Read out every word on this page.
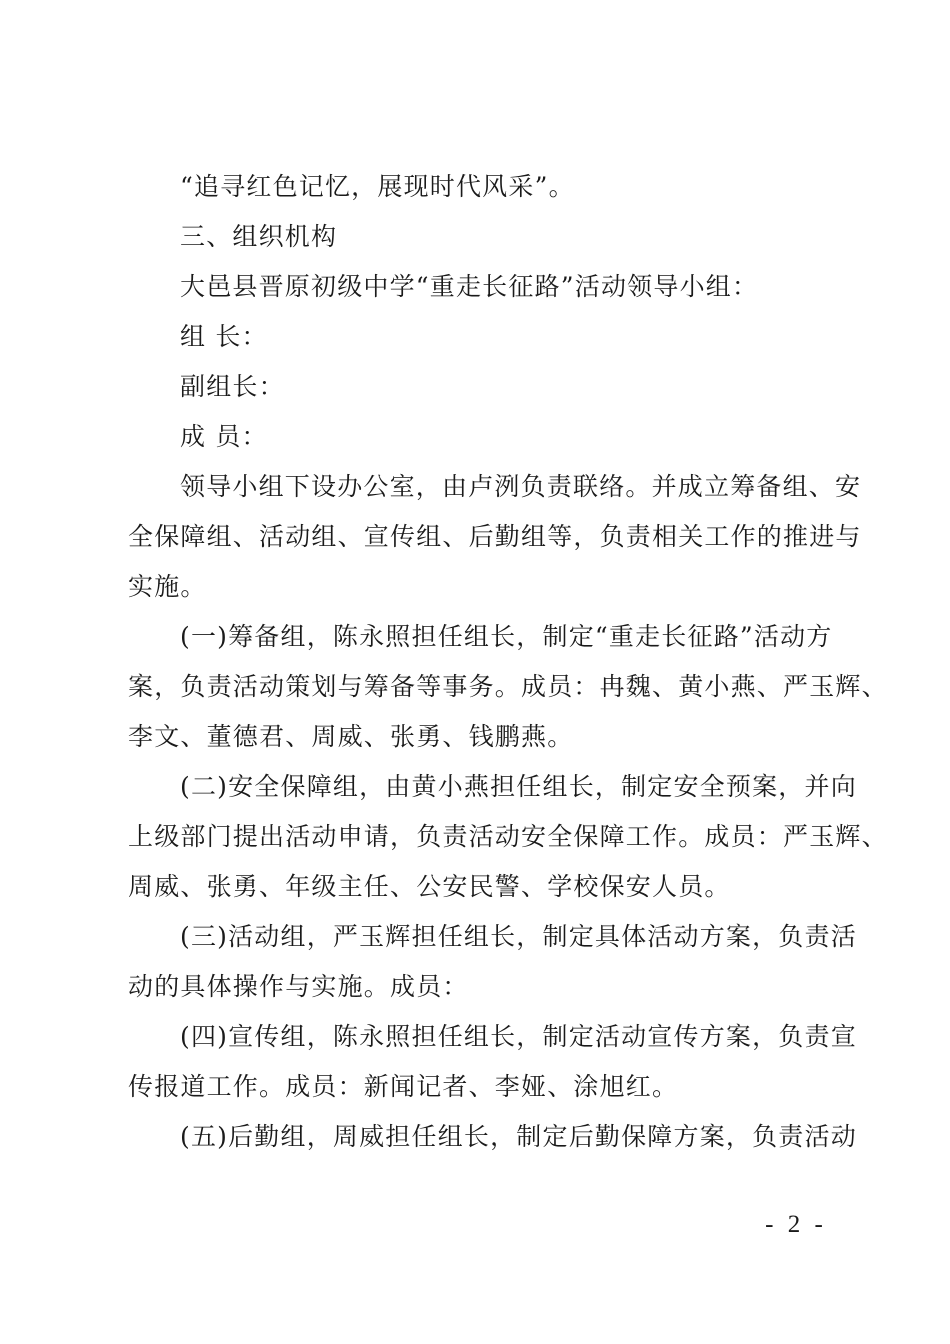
“追寻红色记忆，展现时代风采”。
三、组织机构
大邑县晋原初级中学“重走长征路”活动领导小组：
组 长：
副组长：
成 员：
领导小组下设办公室，由卢洌负责联络。并成立筹备组、安
全保障组、活动组、宣传组、后勤组等，负责相关工作的推进与
实施。
(一)筹备组，陈永照担任组长，制定“重走长征路”活动方
案，负责活动策划与筹备等事务。成员：冉魏、黄小燕、严玉辉、
李文、董德君、周威、张勇、钱鹏燕。
(二)安全保障组，由黄小燕担任组长，制定安全预案，并向
上级部门提出活动申请，负责活动安全保障工作。成员：严玉辉、
周威、张勇、年级主任、公安民警、学校保安人员。
(三)活动组，严玉辉担任组长，制定具体活动方案，负责活
动的具体操作与实施。成员：
(四)宣传组，陈永照担任组长，制定活动宣传方案，负责宣
传报道工作。成员：新闻记者、李娅、涂旭红。
(五)后勤组，周威担任组长，制定后勤保障方案，负责活动
- 2 -
